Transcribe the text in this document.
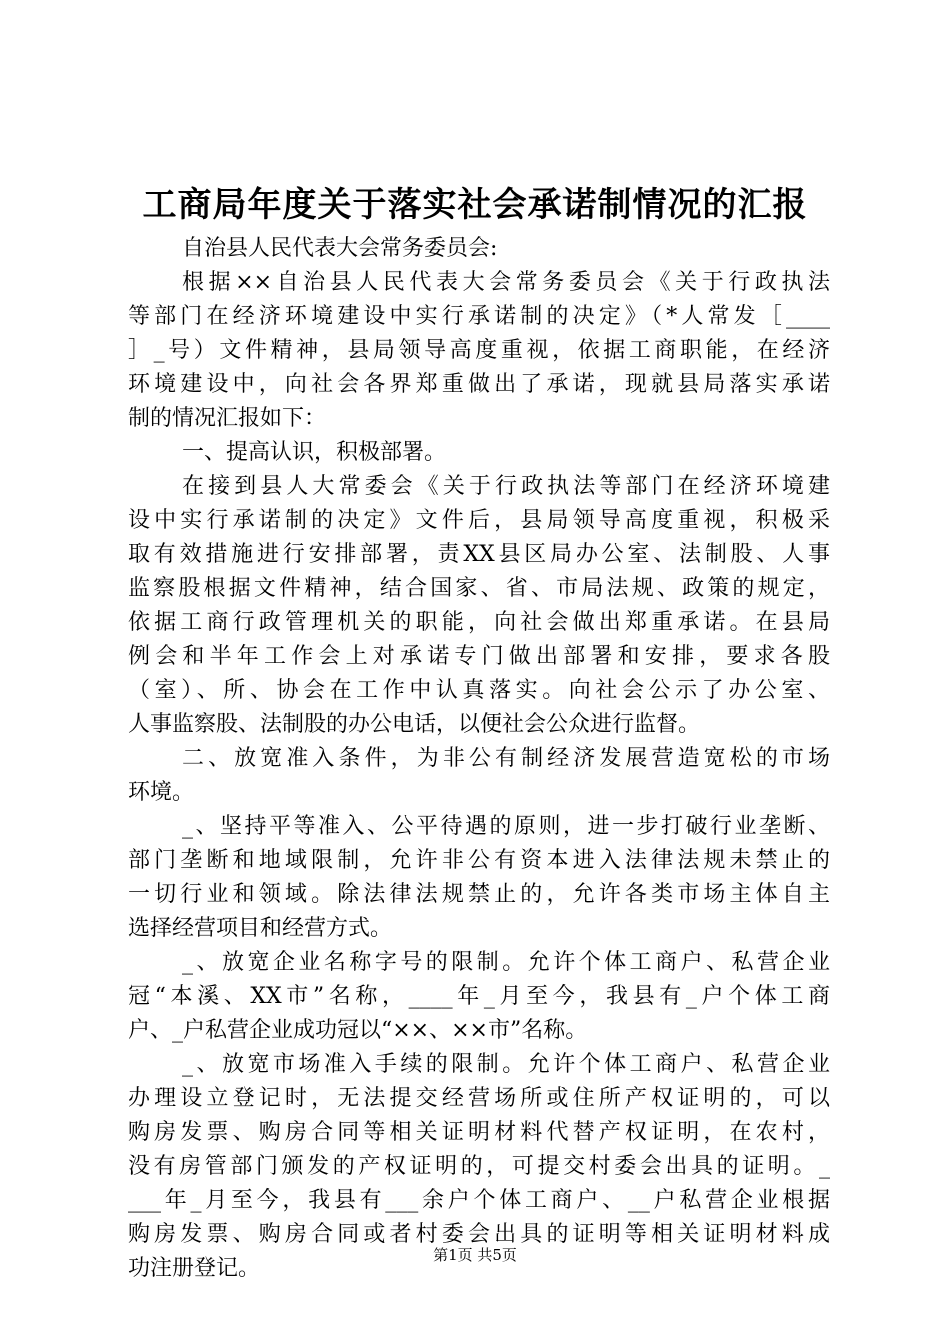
工商局年度关于落实社会承诺制情况的汇报
自治县人民代表大会常务委员会:
根据××自治县人民代表大会常务委员会《关于行政执法
等部门在经济环境建设中实行承诺制的决定》（*人常发［____
］_号）文件精神，县局领导高度重视，依据工商职能，在经济
环境建设中，向社会各界郑重做出了承诺，现就县局落实承诺
制的情况汇报如下：
一、提高认识，积极部署。
在接到县人大常委会《关于行政执法等部门在经济环境建
设中实行承诺制的决定》文件后，县局领导高度重视，积极采
取有效措施进行安排部署，责XX县区局办公室、法制股、人事
监察股根据文件精神，结合国家、省、市局法规、政策的规定，
依据工商行政管理机关的职能，向社会做出郑重承诺。在县局
例会和半年工作会上对承诺专门做出部署和安排，要求各股
（室）、所、协会在工作中认真落实。向社会公示了办公室、
人事监察股、法制股的办公电话，以便社会公众进行监督。
二、放宽准入条件，为非公有制经济发展营造宽松的市场
环境。
_、坚持平等准入、公平待遇的原则，进一步打破行业垄断、
部门垄断和地域限制，允许非公有资本进入法律法规未禁止的
一切行业和领域。除法律法规禁止的，允许各类市场主体自主
选择经营项目和经营方式。
_、放宽企业名称字号的限制。允许个体工商户、私营企业
冠“本溪、XX市”名称，____年_月至今，我县有_户个体工商
户、_户私营企业成功冠以“××、××市”名称。
_、放宽市场准入手续的限制。允许个体工商户、私营企业
办理设立登记时，无法提交经营场所或住所产权证明的，可以
购房发票、购房合同等相关证明材料代替产权证明，在农村，
没有房管部门颁发的产权证明的，可提交村委会出具的证明。_
___年_月至今，我县有___余户个体工商户、__户私营企业根据
购房发票、购房合同或者村委会出具的证明等相关证明材料成
功注册登记。
第1页 共5页
